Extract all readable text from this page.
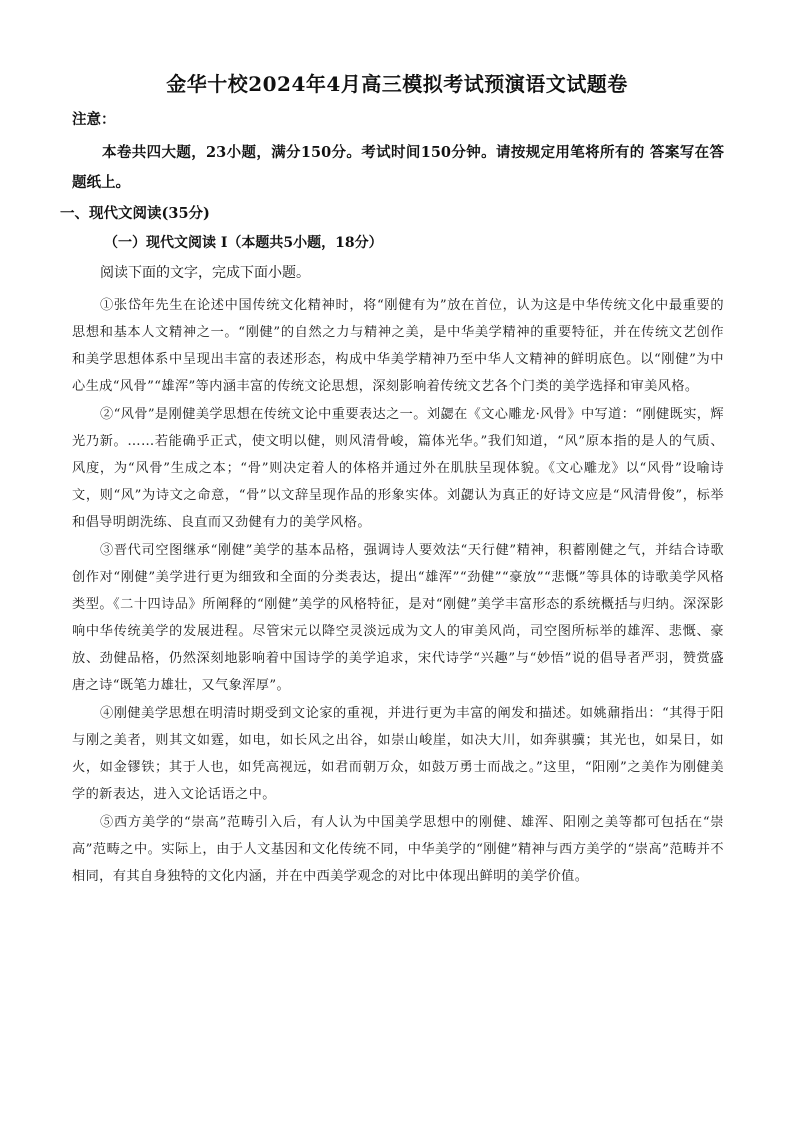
金华十校2024年4月高三模拟考试预演语文试题卷

注意：

本卷共四大题，23小题，满分150分。考试时间150分钟。请按规定用笔将所有的 答案写在答题纸上。

一、现代文阅读(35分)

（一）现代文阅读 I（本题共5小题，18分）

阅读下面的文字，完成下面小题。

①张岱年先生在论述中国传统文化精神时，将“刚健有为”放在首位，认为这是中华传统文化中最重要的思想和基本人文精神之一。“刚健”的自然之力与精神之美，是中华美学精神的重要特征，并在传统文艺创作和美学思想体系中呈现出丰富的表述形态，构成中华美学精神乃至中华人文精神的鲜明底色。以“刚健”为中心生成“风骨”“雄浑”等内涵丰富的传统文论思想，深刻影响着传统文艺各个门类的美学选择和审美风格。

②“风骨”是刚健美学思想在传统文论中重要表达之一。刘勰在《文心雕龙·风骨》中写道：“刚健既实，辉光乃新。……若能确乎正式，使文明以健，则风清骨峻，篇体光华。”我们知道，“风”原本指的是人的气质、风度，为“风骨”生成之本；“骨”则决定着人的体格并通过外在肌肤呈现体貌。《文心雕龙》以“风骨”设喻诗文，则“风”为诗文之命意，“骨”以文辞呈现作品的形象实体。刘勰认为真正的好诗文应是“风清骨俊”，标举和倡导明朗洗练、良直而又劲健有力的美学风格。

③晋代司空图继承“刚健”美学的基本品格，强调诗人要效法“天行健”精神，积蓄刚健之气，并结合诗歌创作对“刚健”美学进行更为细致和全面的分类表达，提出“雄浑”“劲健”“豪放”“悲慨”等具体的诗歌美学风格类型。《二十四诗品》所阐释的“刚健”美学的风格特征，是对“刚健”美学丰富形态的系统概括与归纳。深深影响中华传统美学的发展进程。尽管宋元以降空灵淡远成为文人的审美风尚，司空图所标举的雄浑、悲慨、豪放、劲健品格，仍然深刻地影响着中国诗学的美学追求，宋代诗学“兴趣”与“妙悟”说的倡导者严羽，赞赏盛唐之诗“既笔力雄壮，又气象浑厚”。

④刚健美学思想在明清时期受到文论家的重视，并进行更为丰富的阐发和描述。如姚鼐指出：“其得于阳与刚之美者，则其文如霆，如电，如长风之出谷，如崇山峻崖，如决大川，如奔骐骥；其光也，如杲日，如火，如金镠铁；其于人也，如凭高视远，如君而朝万众，如鼓万勇士而战之。”这里，“阳刚”之美作为刚健美学的新表达，进入文论话语之中。

⑤西方美学的“崇高”范畴引入后，有人认为中国美学思想中的刚健、雄浑、阳刚之美等都可包括在“崇高”范畴之中。实际上，由于人文基因和文化传统不同，中华美学的“刚健”精神与西方美学的“崇高”范畴并不相同，有其自身独特的文化内涵，并在中西美学观念的对比中体现出鲜明的美学价值。
